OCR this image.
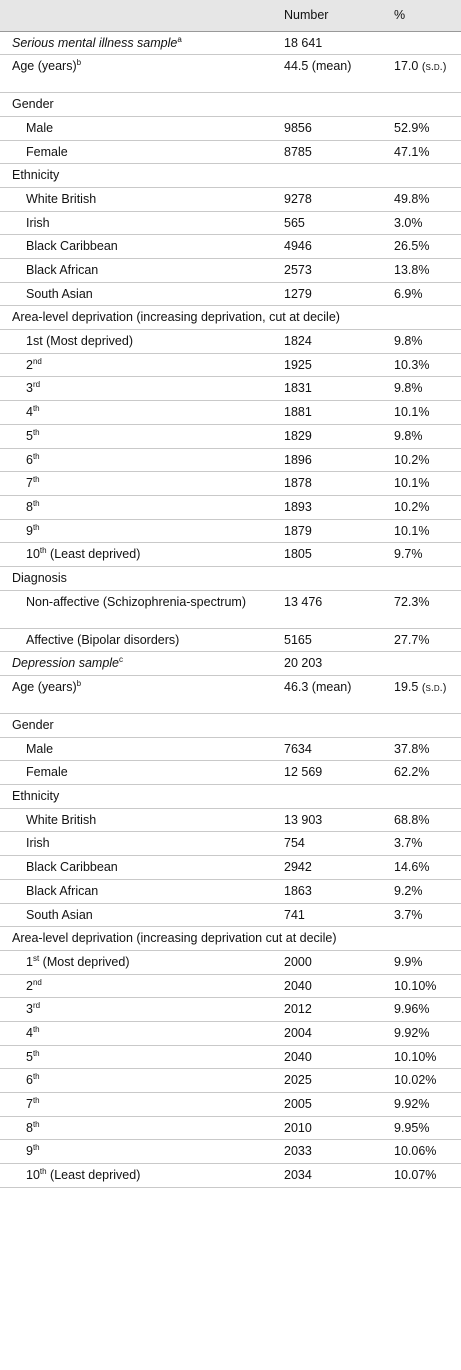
	Number	%
Serious mental illness sample$^a$	18 641	
Age (years)$^b$	44.5 (mean)	17.0 (s.d.)
Gender		
Male	9856	52.9%
Female	8785	47.1%
Ethnicity		
White British	9278	49.8%
Irish	565	3.0%
Black Caribbean	4946	26.5%
Black African	2573	13.8%
South Asian	1279	6.9%
Area-level deprivation (increasing deprivation, cut at decile)		
1st (Most deprived)	1824	9.8%
2nd	1925	10.3%
3rd	1831	9.8%
4th	1881	10.1%
5th	1829	9.8%
6th	1896	10.2%
7th	1878	10.1%
8th	1893	10.2%
9th	1879	10.1%
10th (Least deprived)	1805	9.7%
Diagnosis		
Non-affective (Schizophrenia-spectrum)	13 476	72.3%
Affective (Bipolar disorders)	5165	27.7%
Depression sample$^c$	20 203	
Age (years)$^b$	46.3 (mean)	19.5 (s.d.)
Gender		
Male	7634	37.8%
Female	12 569	62.2%
Ethnicity		
White British	13 903	68.8%
Irish	754	3.7%
Black Caribbean	2942	14.6%
Black African	1863	9.2%
South Asian	741	3.7%
Area-level deprivation (increasing deprivation cut at decile)		
1st (Most deprived)	2000	9.9%
2nd	2040	10.10%
3rd	2012	9.96%
4th	2004	9.92%
5th	2040	10.10%
6th	2025	10.02%
7th	2005	9.92%
8th	2010	9.95%
9th	2033	10.06%
10th (Least deprived)	2034	10.07%
